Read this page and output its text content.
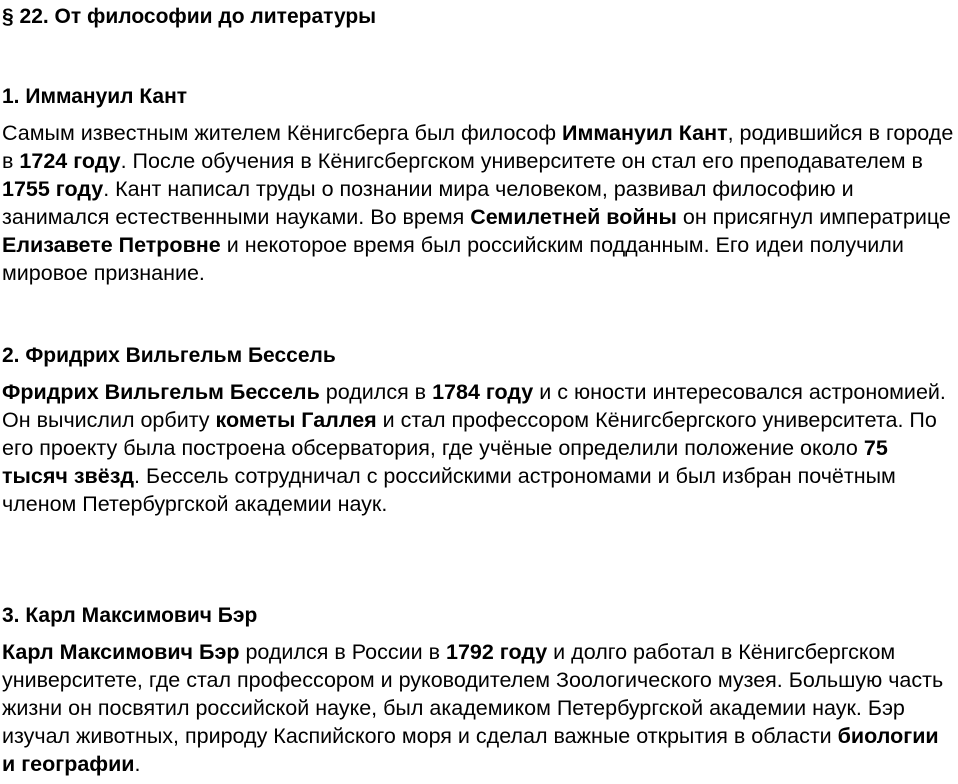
§ 22. От философии до литературы
1. Иммануил Кант

Самым известным жителем Кёнигсберга был философ Иммануил Кант, родившийся в городе в 1724 году. После обучения в Кёнигсбергском университете он стал его преподавателем в 1755 году. Кант написал труды о познании мира человеком, развивал философию и занимался естественными науками. Во время Семилетней войны он присягнул императрице Елизавете Петровне и некоторое время был российским подданным. Его идеи получили мировое признание.

2. Фридрих Вильгельм Бессель

Фридрих Вильгельм Бессель родился в 1784 году и с юности интересовался астрономией. Он вычислил орбиту кометы Галлея и стал профессором Кёнигсбергского университета. По его проекту была построена обсерватория, где учёные определили положение около 75 тысяч звёзд. Бессель сотрудничал с российскими астрономами и был избран почётным членом Петербургской академии наук.

3. Карл Максимович Бэр

Карл Максимович Бэр родился в России в 1792 году и долго работал в Кёнигсбергском университете, где стал профессором и руководителем Зоологического музея. Большую часть жизни он посвятил российской науке, был академиком Петербургской академии наук. Бэр изучал животных, природу Каспийского моря и сделал важные открытия в области биологии и географии.
